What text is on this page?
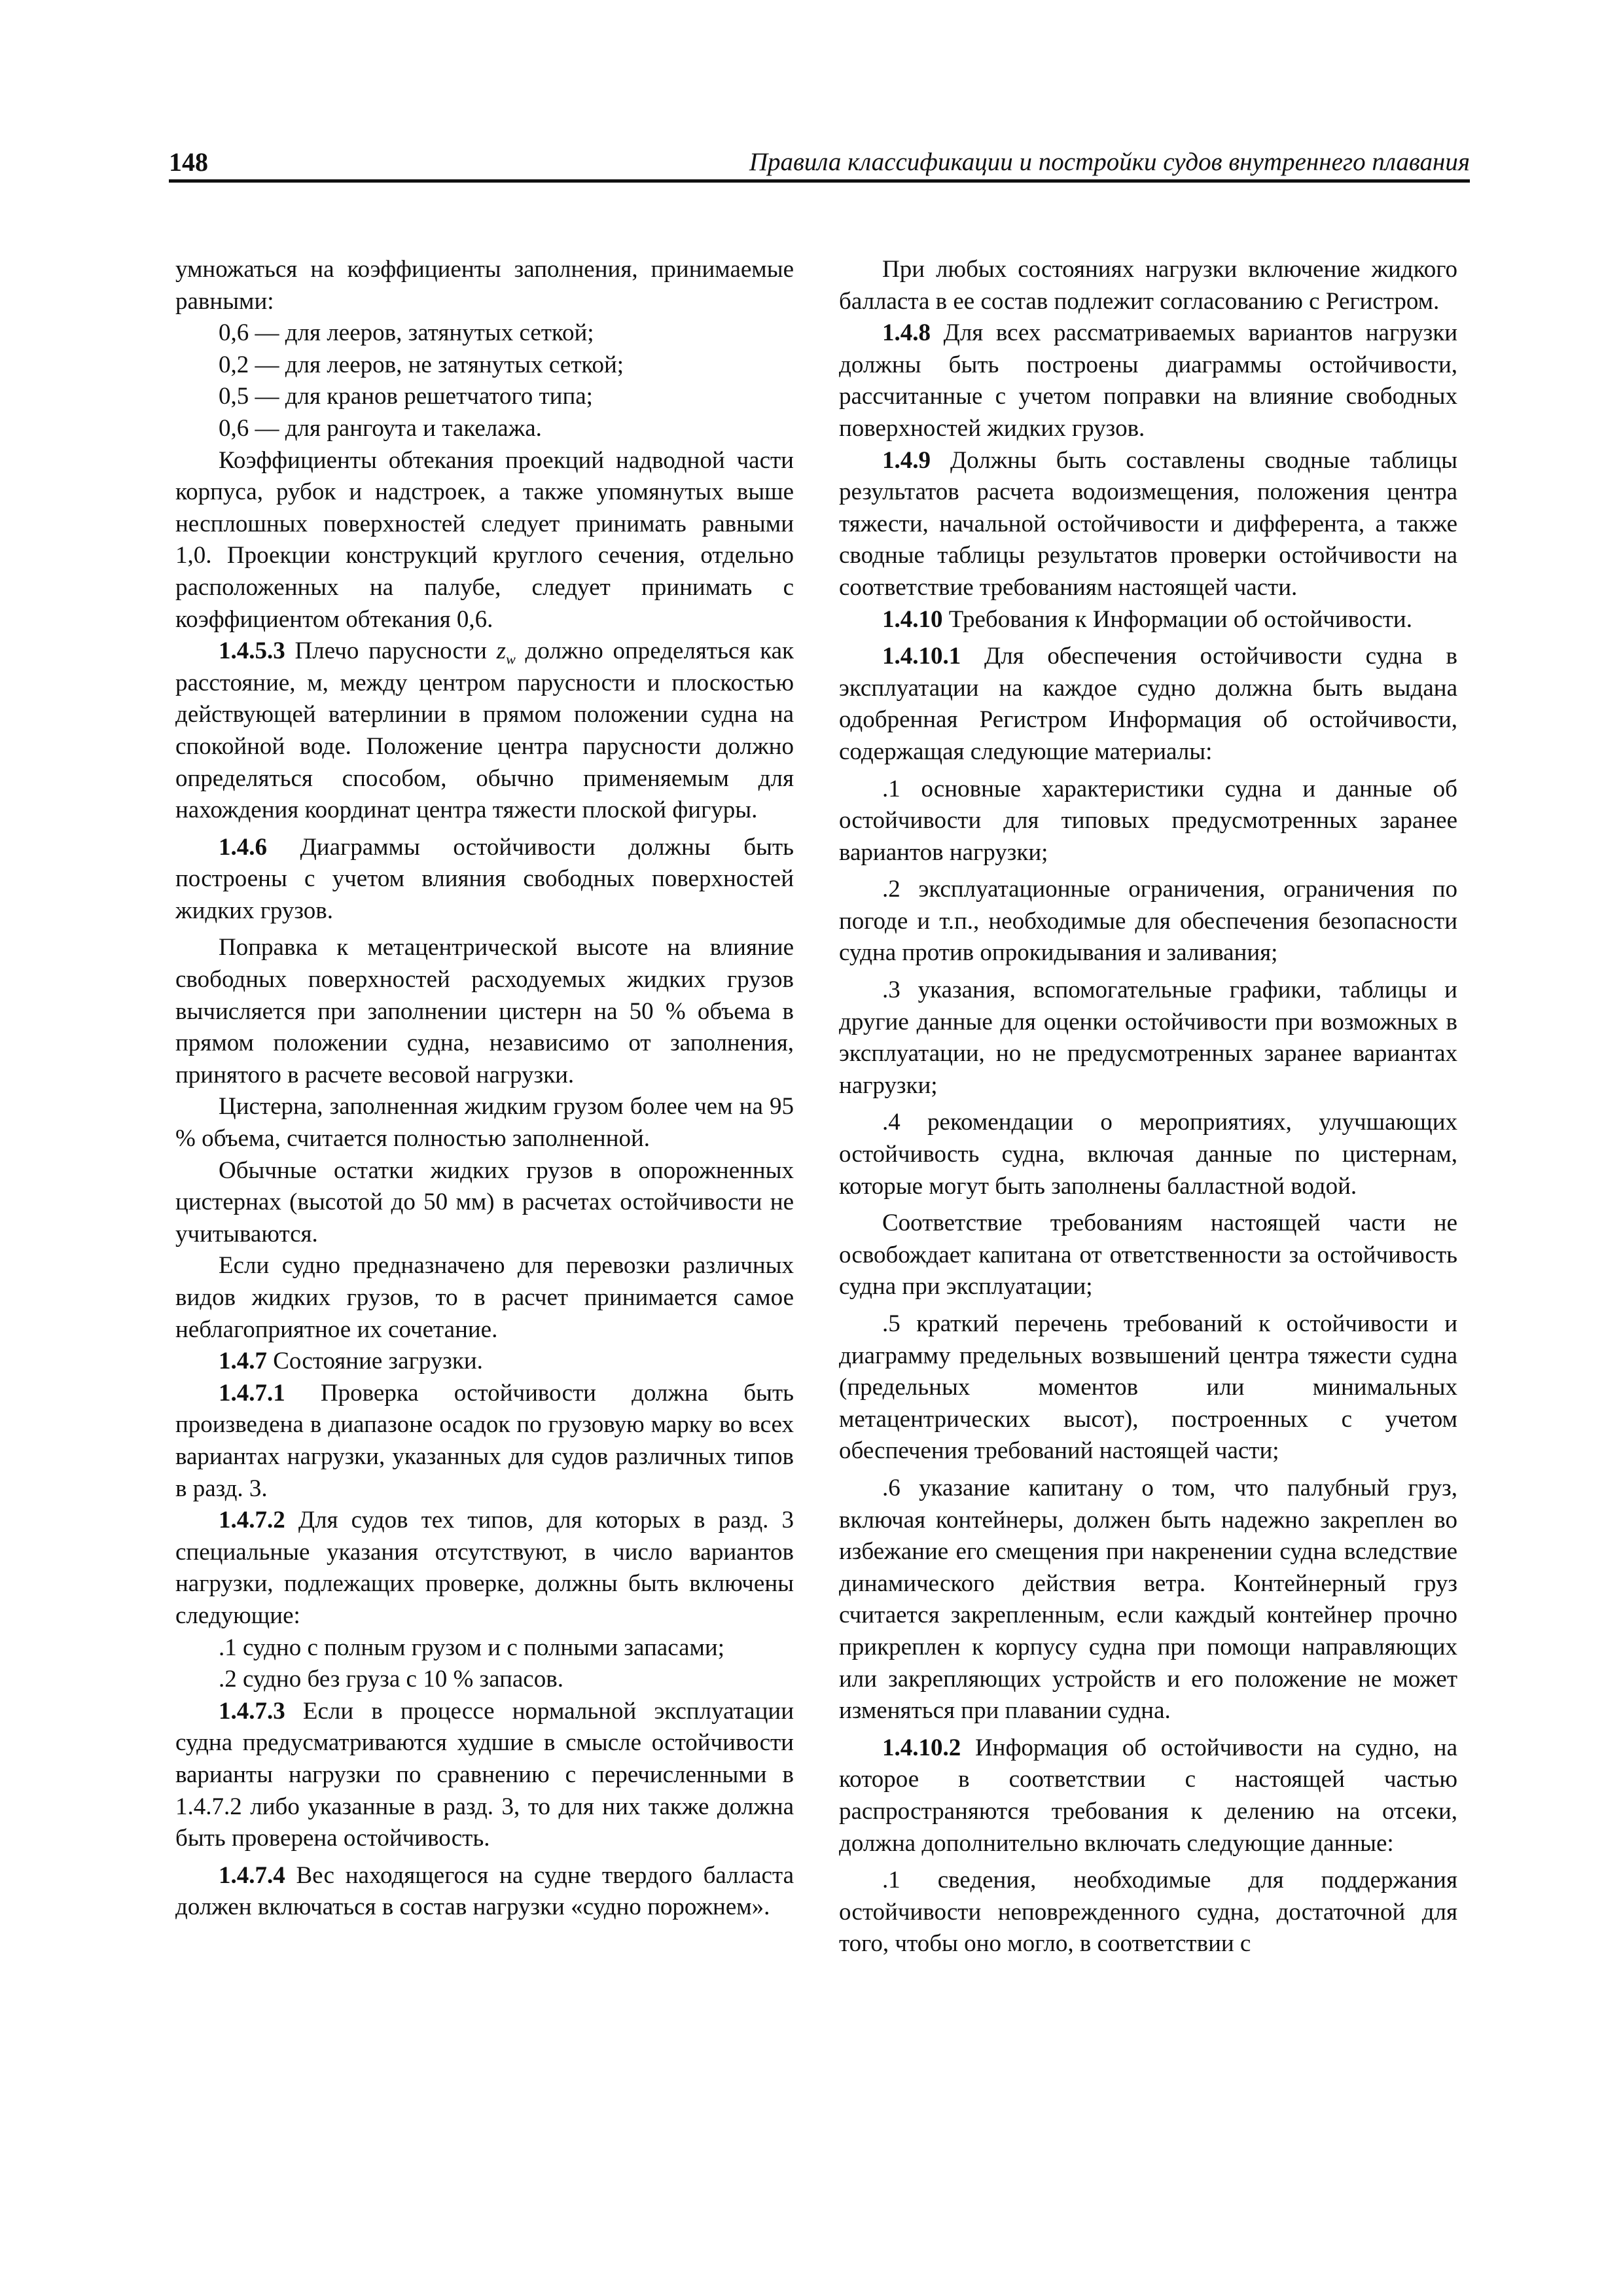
148	Правила классификации и постройки судов внутреннего плавания

умножаться на коэффициенты заполнения, принимаемые равными:

0,6 — для лееров, затянутых сеткой;

0,2 — для лееров, не затянутых сеткой;

0,5 — для кранов решетчатого типа;

0,6 — для рангоута и такелажа.

Коэффициенты обтекания проекций надводной части корпуса, рубок и надстроек, а также упомянутых выше несплошных поверхностей следует принимать равными 1,0. Проекции конструкций круглого сечения, отдельно расположенных на палубе, следует принимать с коэффициентом обтекания 0,6.

1.4.5.3 Плечо парусности $z_w$ должно определяться как расстояние, м, между центром парусности и плоскостью действующей ватерлинии в прямом положении судна на спокойной воде. Положение центра парусности должно определяться способом, обычно применяемым для нахождения координат центра тяжести плоской фигуры.

1.4.6 Диаграммы остойчивости должны быть построены с учетом влияния свободных поверхностей жидких грузов.

Поправка к метацентрической высоте на влияние свободных поверхностей расходуемых жидких грузов вычисляется при заполнении цистерн на 50 % объема в прямом положении судна, независимо от заполнения, принятого в расчете весовой нагрузки.

Цистерна, заполненная жидким грузом более чем на 95 % объема, считается полностью заполненной.

Обычные остатки жидких грузов в опорожненных цистернах (высотой до 50 мм) в расчетах остойчивости не учитываются.

Если судно предназначено для перевозки различных видов жидких грузов, то в расчет принимается самое неблагоприятное их сочетание.

1.4.7 Состояние загрузки.

1.4.7.1 Проверка остойчивости должна быть произведена в диапазоне осадок по грузовую марку во всех вариантах нагрузки, указанных для судов различных типов в разд. 3.

1.4.7.2 Для судов тех типов, для которых в разд. 3 специальные указания отсутствуют, в число вариантов нагрузки, подлежащих проверке, должны быть включены следующие:

.1 судно с полным грузом и с полными запасами;

.2 судно без груза с 10 % запасов.

1.4.7.3 Если в процессе нормальной эксплуатации судна предусматриваются худшие в смысле остойчивости варианты нагрузки по сравнению с перечисленными в 1.4.7.2 либо указанные в разд. 3, то для них также должна быть проверена остойчивость.

1.4.7.4 Вес находящегося на судне твердого балласта должен включаться в состав нагрузки «судно порожнем».

При любых состояниях нагрузки включение жидкого балласта в ее состав подлежит согласованию с Регистром.

1.4.8 Для всех рассматриваемых вариантов нагрузки должны быть построены диаграммы остойчивости, рассчитанные с учетом поправки на влияние свободных поверхностей жидких грузов.

1.4.9 Должны быть составлены сводные таблицы результатов расчета водоизмещения, положения центра тяжести, начальной остойчивости и дифферента, а также сводные таблицы результатов проверки остойчивости на соответствие требованиям настоящей части.

1.4.10 Требования к Информации об остойчивости.

1.4.10.1 Для обеспечения остойчивости судна в эксплуатации на каждое судно должна быть выдана одобренная Регистром Информация об остойчивости, содержащая следующие материалы:

.1 основные характеристики судна и данные об остойчивости для типовых предусмотренных заранее вариантов нагрузки;

.2 эксплуатационные ограничения, ограничения по погоде и т.п., необходимые для обеспечения безопасности судна против опрокидывания и заливания;

.3 указания, вспомогательные графики, таблицы и другие данные для оценки остойчивости при возможных в эксплуатации, но не предусмотренных заранее вариантах нагрузки;

.4 рекомендации о мероприятиях, улучшающих остойчивость судна, включая данные по цистернам, которые могут быть заполнены балластной водой.

Соответствие требованиям настоящей части не освобождает капитана от ответственности за остойчивость судна при эксплуатации;

.5 краткий перечень требований к остойчивости и диаграмму предельных возвышений центра тяжести судна (предельных моментов или минимальных метацентрических высот), построенных с учетом обеспечения требований настоящей части;

.6 указание капитану о том, что палубный груз, включая контейнеры, должен быть надежно закреплен во избежание его смещения при накренении судна вследствие динамического действия ветра. Контейнерный груз считается закрепленным, если каждый контейнер прочно прикреплен к корпусу судна при помощи направляющих или закрепляющих устройств и его положение не может изменяться при плавании судна.

1.4.10.2 Информация об остойчивости на судно, на которое в соответствии с настоящей частью распространяются требования к делению на отсеки, должна дополнительно включать следующие данные:

.1 сведения, необходимые для поддержания остойчивости неповрежденного судна, достаточной для того, чтобы оно могло, в соответствии с
